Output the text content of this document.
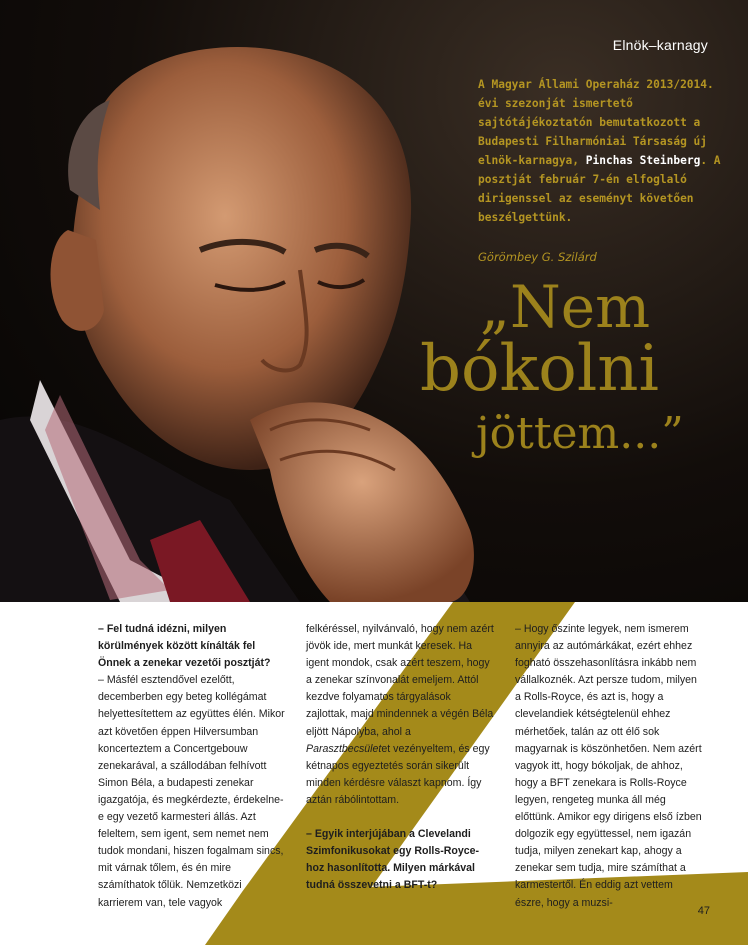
Elnök–karnagy
A Magyar Állami Operaház 2013/2014. évi szezonját ismertető sajtótájékoztatón bemutatkozott a Budapesti Filharmóniai Társaság új elnök-karnagya, Pinchas Steinberg. A posztját február 7-én elfoglaló dirigenssel az eseményt követően beszélgettünk.
Görömbey G. Szilárd
„Nem
bókolni
jöttem...”

– Fel tudná idézni, milyen körülmények között kínálták fel Önnek a zenekar vezetői posztját?

– Másfél esztendővel ezelőtt, decemberben egy beteg kollégámat helyettesítettem az együttes élén. Mikor azt követően éppen Hilversumban koncerteztem a Concertgebouw zenekarával, a szállodában felhívott Simon Béla, a budapesti zenekar igazgatója, és megkérdezte, érdekelne-e egy vezető karmesteri állás. Azt feleltem, sem igent, sem nemet nem tudok mondani, hiszen fogalmam sincs, mit várnak tőlem, és én mire számíthatok tőlük. Nemzetközi karrierem van, tele vagyok

felkéréssel, nyilvánvaló, hogy nem azért jövök ide, mert munkát keresek. Ha igent mondok, csak azért teszem, hogy a zenekar színvonalát emeljem. Attól kezdve folyamatos tárgyalások zajlottak, majd mindennek a végén Béla eljött Nápolyba, ahol a Parasztbecsületet vezényeltem, és egy kétnapos egyeztetés során sikerült minden kérdésre választ kapnom. Így aztán rábólintottam.

– Egyik interjújában a Clevelandi Szimfonikusokat egy Rolls-Royce-hoz hasonlította. Milyen márkával tudná összevetni a BFT-t?

– Hogy őszinte legyek, nem ismerem annyira az autómárkákat, ezért ehhez fogható összehasonlításra inkább nem vállalkoznék. Azt persze tudom, milyen a Rolls-Royce, és azt is, hogy a clevelandiek kétségtelenül ehhez mérhetőek, talán az ott élő sok magyarnak is köszönhetően. Nem azért vagyok itt, hogy bókoljak, de ahhoz, hogy a BFT zenekara is Rolls-Royce legyen, rengeteg munka áll még előttünk. Amikor egy dirigens első ízben dolgozik egy együttessel, nem igazán tudja, milyen zenekart kap, ahogy a zenekar sem tudja, mire számíthat a karmestertől. Én eddig azt vettem észre, hogy a muzsi-

47
